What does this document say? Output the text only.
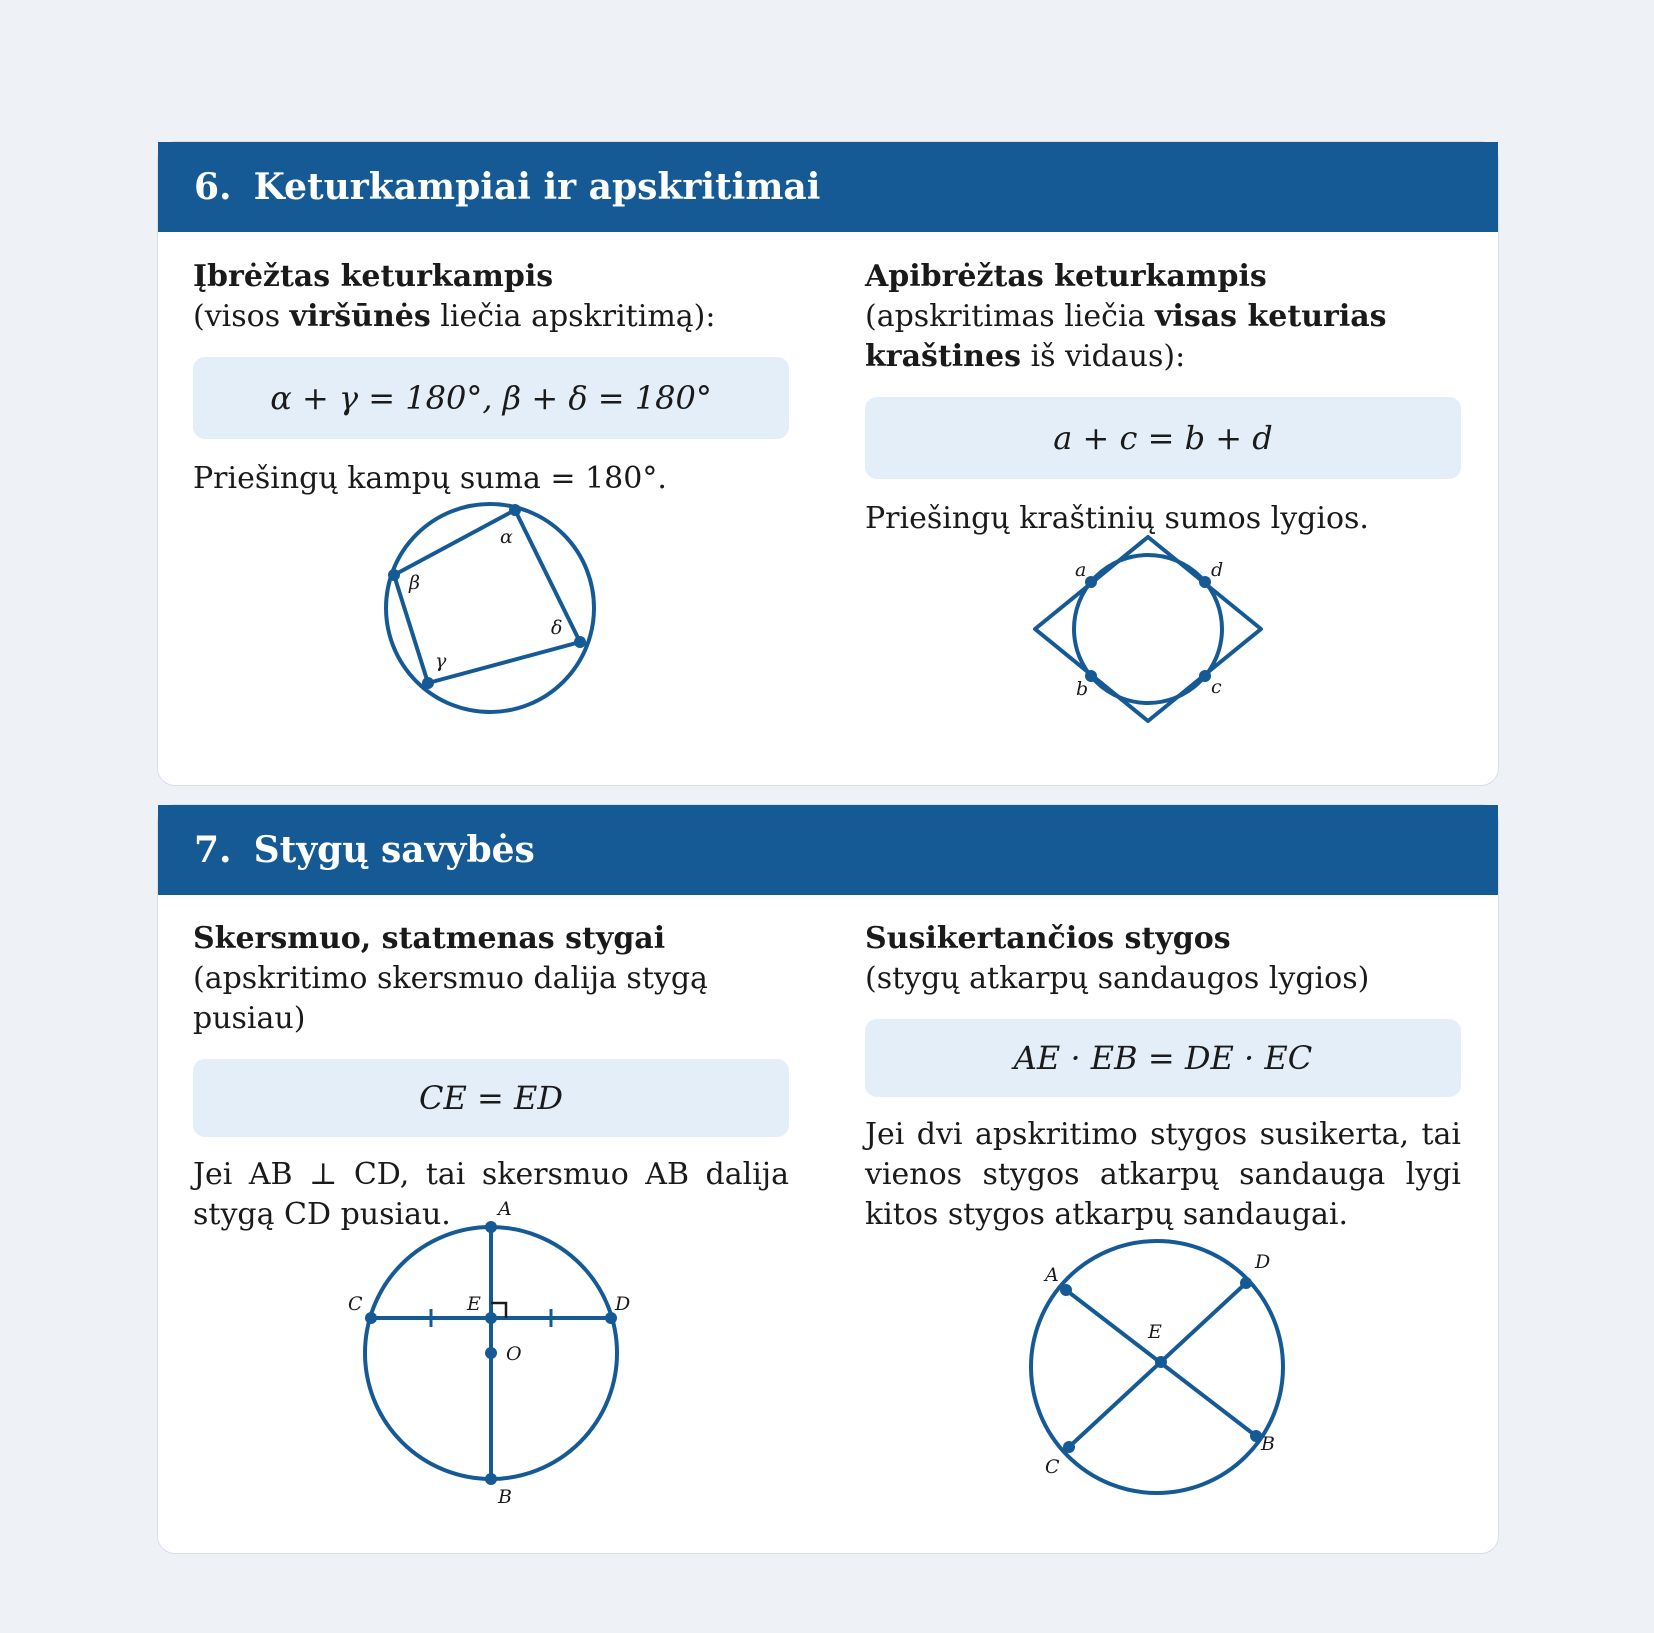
6. Keturkampiai ir apskritimai

Įbrėžtas keturkampis

(visos viršūnės liečia apskritimą):

α + γ = 180°, β + δ = 180°
Priešingų kampų suma = 180°.
α
β
γ
δ

Apibrėžtas keturkampis

(apskritimas liečia visas keturias kraštines iš vidaus):

a + c = b + d
Priešingų kraštinių sumos lygios.
a	d
b	c
7. Stygų savybės

Skersmuo, statmenas stygai

(apskritimo skersmuo dalija stygą pusiau)

CE = ED
Jei AB ⊥ CD, tai skersmuo AB dalija stygą CD pusiau.	A
B
C	D
E
O

Susikertančios stygos

(stygų atkarpų sandaugos lygios)

AE · EB = DE · EC
Jei dvi apskritimo stygos susikerta, tai vienos stygos atkarpų sandauga lygi kitos stygos atkarpų sandaugai.
A
D
C
B
E
